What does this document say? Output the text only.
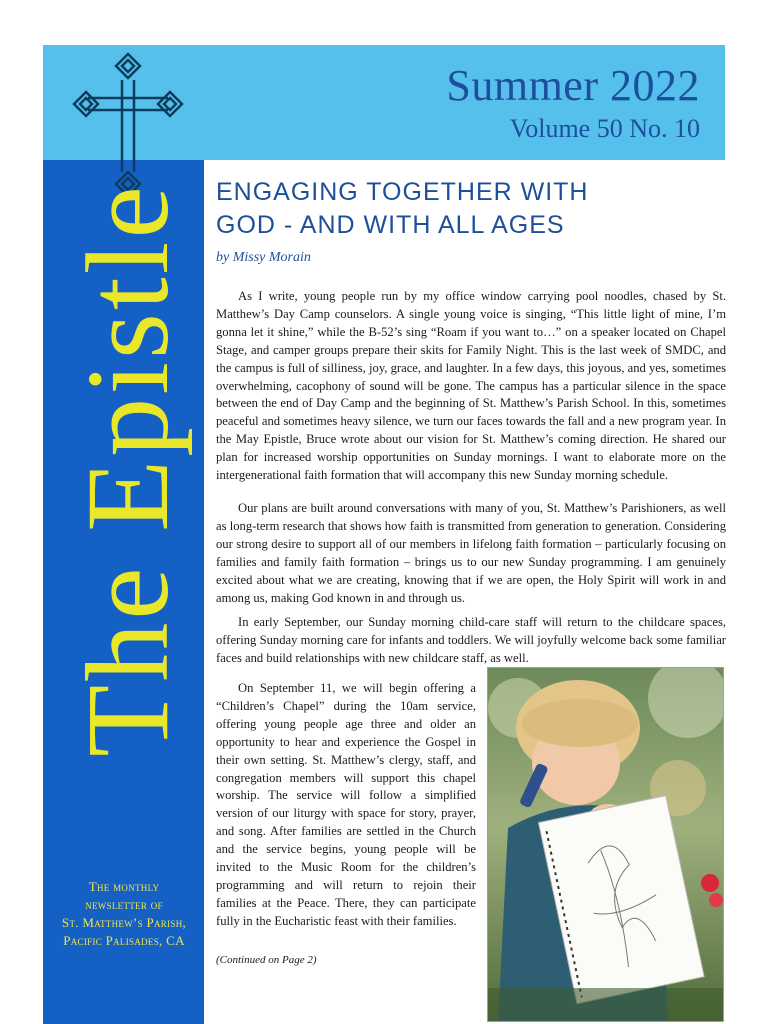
The Epistle
The monthly
newsletter of
St. Matthew’s Parish,
Pacific Palisades, CA
Summer 2022
Volume 50 No. 10
ENGAGING TOGETHER WITH
GOD - AND WITH ALL AGES
by Missy Morain

As I write, young people run by my office window carrying pool noodles, chased by St. Matthew’s Day Camp counselors. A single young voice is singing, “This little light of mine, I’m gonna let it shine,” while the B-52’s sing “Roam if you want to…” on a speaker located on Chapel Stage, and camper groups prepare their skits for Family Night. This is the last week of SMDC, and the campus is full of silliness, joy, grace, and laughter. In a few days, this joyous, and yes, sometimes overwhelming, cacophony of sound will be gone. The campus has a particular silence in the space between the end of Day Camp and the beginning of St. Matthew’s Parish School. In this, sometimes peaceful and sometimes heavy silence, we turn our faces towards the fall and a new program year. In the May Epistle, Bruce wrote about our vision for St. Matthew’s coming direction. He shared our plan for increased worship opportunities on Sunday mornings. I want to elaborate more on the intergenerational faith formation that will accompany this new Sunday morning schedule.

Our plans are built around conversations with many of you, St. Matthew’s Parishioners, as well as long-term research that shows how faith is transmitted from generation to generation. Considering our strong desire to support all of our members in lifelong faith formation – particularly focusing on families and family faith formation – brings us to our new Sunday programming. I am genuinely excited about what we are creating, knowing that if we are open, the Holy Spirit will work in and among us, making God known in and through us.

In early September, our Sunday morning child-care staff will return to the childcare spaces, offering Sunday morning care for infants and toddlers. We will joyfully welcome back some familiar faces and build relationships with new childcare staff, as well.

On September 11, we will begin offering a “Children’s Chapel” during the 10am service, offering young people age three and older an opportunity to hear and experience the Gospel in their own setting. St. Matthew’s clergy, staff, and congregation members will support this chapel worship. The service will follow a simplified version of our liturgy with space for story, prayer, and song. After families are settled in the Church and the service begins, young people will be invited to the Music Room for the children’s programming and will return to rejoin their families at the Peace. There, they can participate fully in the Eucharistic feast with their families.

(Continued on Page 2)
